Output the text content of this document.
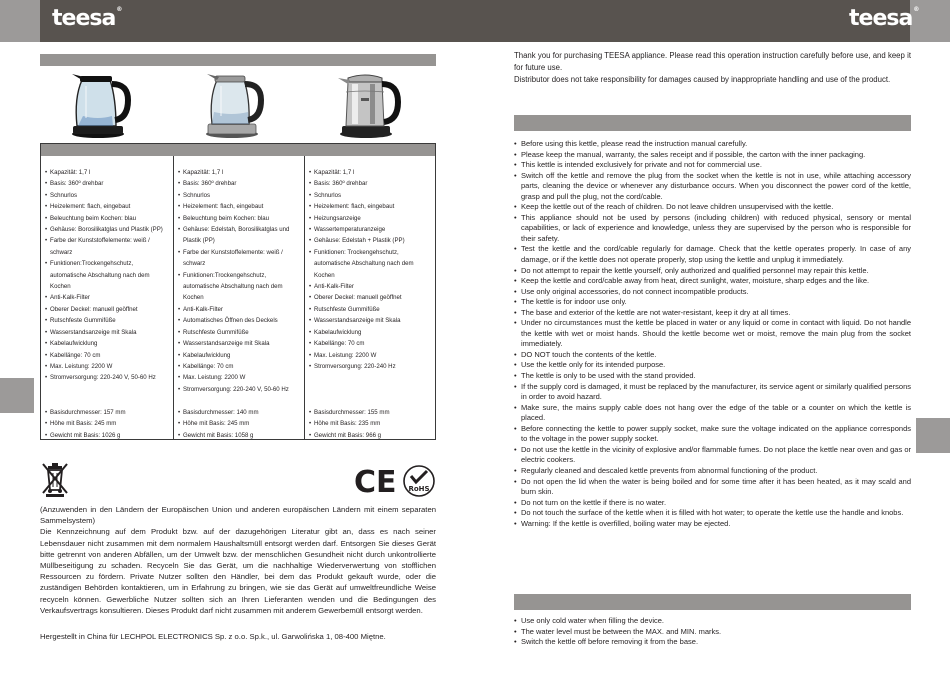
teesa®	teesa®
• Kapazität: 1,7 l
• Basis: 360º drehbar
• Schnurlos
• Heizelement: flach, eingebaut
• Beleuchtung beim Kochen: blau
• Gehäuse: Borosilikatglas und Plastik (PP)
• Farbe der Kunststoffelemente: weiß / schwarz
• Funktionen:Trockengehschutz, automatische Abschaltung nach dem Kochen
• Anti-Kalk-Filter
• Oberer Deckel: manuell geöffnet
• Rutschfeste Gummifüße
• Wasserstandsanzeige mit Skala
• Kabelaufwicklung
• Kabellänge: 70 cm
• Max. Leistung: 2200 W
• Stromversorgung: 220-240 V, 50-60 Hz
• Basisdurchmesser: 157 mm
• Höhe mit Basis: 245 mm
• Gewicht mit Basis: 1026 g
• Kapazität: 1,7 l
• Basis: 360º drehbar
• Schnurlos
• Heizelement: flach, eingebaut
• Beleuchtung beim Kochen: blau
• Gehäuse: Edelstah, Borosilikatglas und Plastik (PP)
• Farbe der Kunststoffelemente: weiß / schwarz
• Funktionen:Trockengehschutz, automatische Abschaltung nach dem Kochen
• Anti-Kalk-Filter
• Automatisches Öffnen des Deckels
• Rutschfeste Gummifüße
• Wasserstandsanzeige mit Skala
• Kabelaufwicklung
• Kabellänge: 70 cm
• Max. Leistung: 2200 W
• Stromversorgung: 220-240 V, 50-60 Hz
• Basisdurchmesser: 140 mm
• Höhe mit Basis: 245 mm
• Gewicht mit Basis: 1058 g
• Kapazität: 1,7 l
• Basis: 360º drehbar
• Schnurlos
• Heizelement: flach, eingebaut
• Heizungsanzeige
• Wassertemperaturanzeige
• Gehäuse: Edelstah + Plastik (PP)
• Funktionen: Trockengehschutz, automatische Abschaltung nach dem Kochen
• Anti-Kalk-Filter
• Oberer Deckel: manuell geöffnet
• Rutschfeste Gummifüße
• Wasserstandsanzeige mit Skala
• Kabelaufwicklung
• Kabellänge: 70 cm
• Max. Leistung: 2200 W
• Stromversorgung: 220-240 Hz
• Basisdurchmesser: 155 mm
• Höhe mit Basis: 235 mm
• Gewicht mit Basis: 966 g
CE RoHS

(Anzuwenden in den Ländern der Europäischen Union und anderen europäischen Ländern mit einem separaten Sammelsystem)

Die Kennzeichnung auf dem Produkt bzw. auf der dazugehörigen Literatur gibt an, dass es nach seiner Lebensdauer nicht zusammen mit dem normalem Haushaltsmüll entsorgt werden darf. Entsorgen Sie dieses Gerät bitte getrennt von anderen Abfällen, um der Umwelt bzw. der menschlichen Gesundheit nicht durch unkontrollierte Müllbeseitigung zu schaden. Recyceln Sie das Gerät, um die nachhaltige Wiederverwertung von stofflichen Ressourcen zu fördern. Private Nutzer sollten den Händler, bei dem das Produkt gekauft wurde, oder die zuständigen Behörden kontaktieren, um in Erfahrung zu bringen, wie sie das Gerät auf umweltfreundliche Weise recyceln können. Gewerbliche Nutzer sollten sich an Ihren Lieferanten wenden und die Bedingungen des Verkaufsvertrags konsultieren. Dieses Produkt darf nicht zusammen mit anderem Gewerbemüll entsorgt werden.

Hergestellt in China für LECHPOL ELECTRONICS Sp. z o.o. Sp.k., ul. Garwolińska 1, 08-400 Miętne.

Thank you for purchasing TEESA appliance. Please read this operation instruction carefully before use, and keep it for future use.

Distributor does not take responsibility for damages caused by inappropriate handling and use of the product.

• Before using this kettle, please read the instruction manual carefully.
• Please keep the manual, warranty, the sales receipt and if possible, the carton with the inner packaging.
• This kettle is intended exclusively for private and not for commercial use.
• Switch off the kettle and remove the plug from the socket when the kettle is not in use, while attaching accessory parts, cleaning the device or whenever any disturbance occurs. When you disconnect the power cord of the kettle, grasp and pull the plug, not the cord/cable.
• Keep the kettle out of the reach of children. Do not leave children unsupervised with the kettle.
• This appliance should not be used by persons (including children) with reduced physical, sensory or mental capabilities, or lack of experience and knowledge, unless they are supervised by the person who is responsible for their safety.
• Test the kettle and the cord/cable regularly for damage. Check that the kettle operates properly. In case of any damage, or if the kettle does not operate properly, stop using the kettle and unplug it immediately.
• Do not attempt to repair the kettle yourself, only authorized and qualified personnel may repair this kettle.
• Keep the kettle and cord/cable away from heat, direct sunlight, water, moisture, sharp edges and the like.
• Use only original accessories, do not connect incompatible products.
• The kettle is for indoor use only.
• The base and exterior of the kettle are not water-resistant, keep it dry at all times.
• Under no circumstances must the kettle be placed in water or any liquid or come in contact with liquid. Do not handle the kettle with wet or moist hands. Should the kettle become wet or moist, remove the main plug from the socket immediately.
• DO NOT touch the contents of the kettle.
• Use the kettle only for its intended purpose.
• The kettle is only to be used with the stand provided.
• If the supply cord is damaged, it must be replaced by the manufacturer, its service agent or similarly qualified persons in order to avoid hazard.
• Make sure, the mains supply cable does not hang over the edge of the table or a counter on which the kettle is placed.
• Before connecting the kettle to power supply socket, make sure the voltage indicated on the appliance corresponds to the voltage in the power supply socket.
• Do not use the kettle in the vicinity of explosive and/or flammable fumes. Do not place the kettle near oven and gas or electric cookers.
• Regularly cleaned and descaled kettle prevents from abnormal functioning of the product.
• Do not open the lid when the water is being boiled and for some time after it has been heated, as it may scald and burn skin.
• Do not turn on the kettle if there is no water.
• Do not touch the surface of the kettle when it is filled with hot water; to operate the kettle use the handle and knobs.
• Warning: If the kettle is overfilled, boiling water may be ejected.
• Use only cold water when filling the device.
• The water level must be between the MAX. and MIN. marks.
• Switch the kettle off before removing it from the base.
